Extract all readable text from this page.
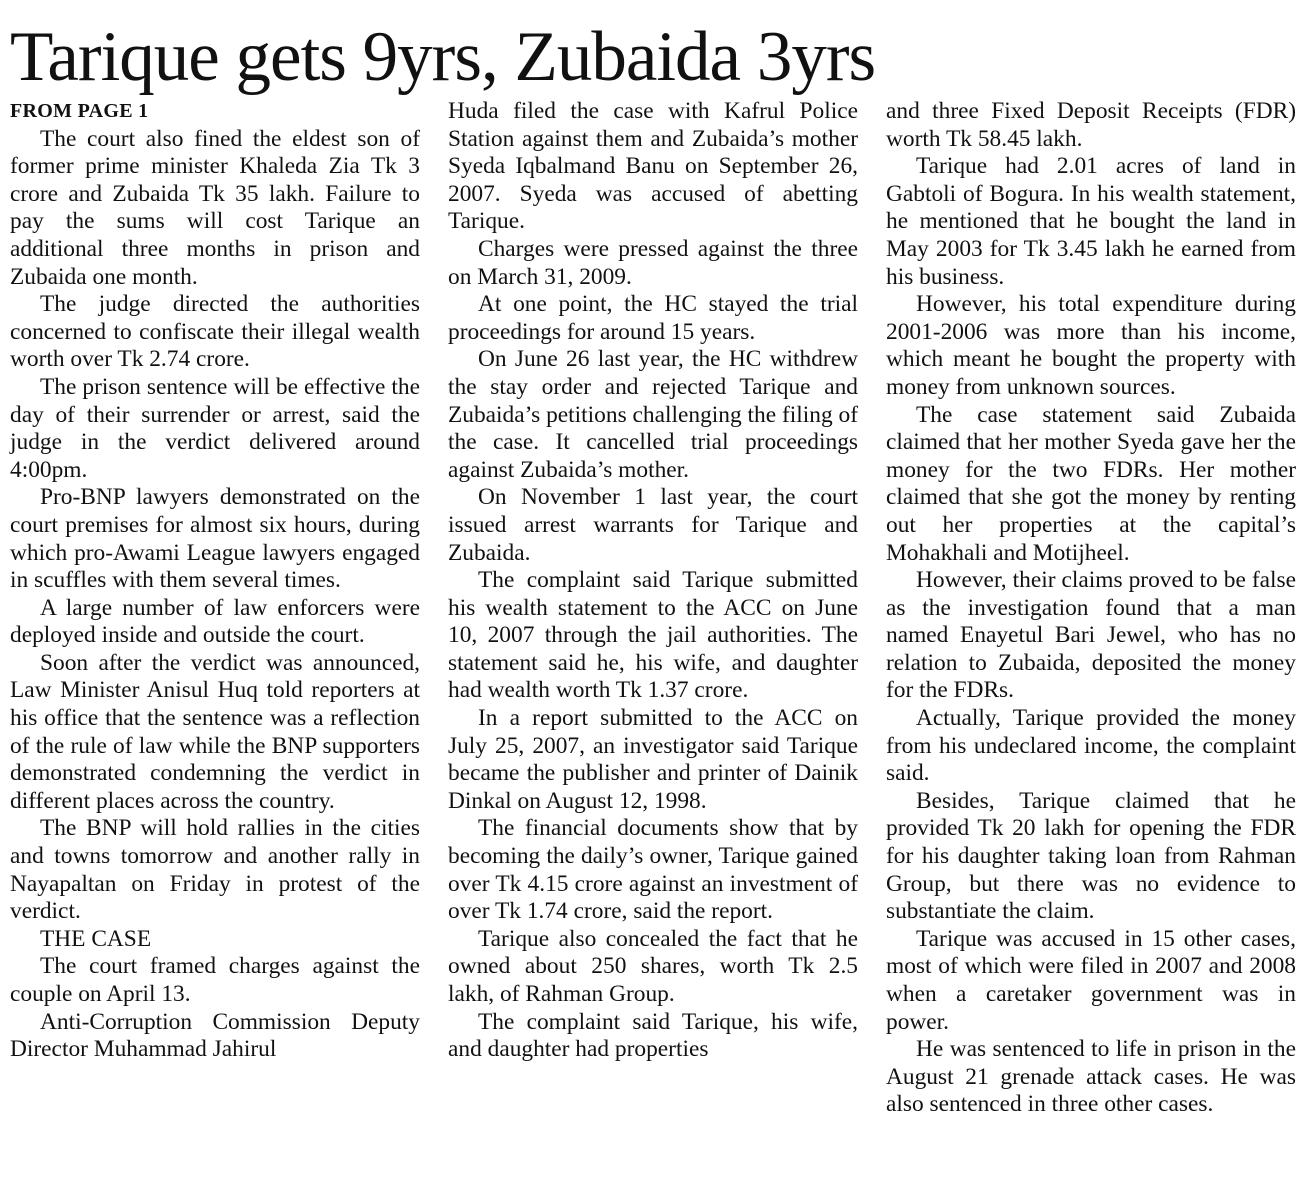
Tarique gets 9yrs, Zubaida 3yrs

FROM PAGE 1

The court also fined the eldest son of former prime minister Khaleda Zia Tk 3 crore and Zubaida Tk 35 lakh. Failure to pay the sums will cost Tarique an additional three months in prison and Zubaida one month.

The judge directed the authorities concerned to confiscate their illegal wealth worth over Tk 2.74 crore.

The prison sentence will be effective the day of their surrender or arrest, said the judge in the verdict delivered around 4:00pm.

Pro-BNP lawyers demonstrated on the court premises for almost six hours, during which pro-Awami League lawyers engaged in scuffles with them several times.

A large number of law enforcers were deployed inside and outside the court.

Soon after the verdict was announced, Law Minister Anisul Huq told reporters at his office that the sentence was a reflection of the rule of law while the BNP supporters demonstrated condemning the verdict in different places across the country.

The BNP will hold rallies in the cities and towns tomorrow and another rally in Nayapaltan on Friday in protest of the verdict.

THE CASE

The court framed charges against the couple on April 13.

Anti-Corruption Commission Deputy Director Muhammad Jahirul

Huda filed the case with Kafrul Police Station against them and Zubaida’s mother Syeda Iqbalmand Banu on September 26, 2007. Syeda was accused of abetting Tarique.

Charges were pressed against the three on March 31, 2009.

At one point, the HC stayed the trial proceedings for around 15 years.

On June 26 last year, the HC withdrew the stay order and rejected Tarique and Zubaida’s petitions challenging the filing of the case. It cancelled trial proceedings against Zubaida’s mother.

On November 1 last year, the court issued arrest warrants for Tarique and Zubaida.

The complaint said Tarique submitted his wealth statement to the ACC on June 10, 2007 through the jail authorities. The statement said he, his wife, and daughter had wealth worth Tk 1.37 crore.

In a report submitted to the ACC on July 25, 2007, an investigator said Tarique became the publisher and printer of Dainik Dinkal on August 12, 1998.

The financial documents show that by becoming the daily’s owner, Tarique gained over Tk 4.15 crore against an investment of over Tk 1.74 crore, said the report.

Tarique also concealed the fact that he owned about 250 shares, worth Tk 2.5 lakh, of Rahman Group.

The complaint said Tarique, his wife, and daughter had properties

and three Fixed Deposit Receipts (FDR) worth Tk 58.45 lakh.

Tarique had 2.01 acres of land in Gabtoli of Bogura. In his wealth statement, he mentioned that he bought the land in May 2003 for Tk 3.45 lakh he earned from his business.

However, his total expenditure during 2001-2006 was more than his income, which meant he bought the property with money from unknown sources.

The case statement said Zubaida claimed that her mother Syeda gave her the money for the two FDRs. Her mother claimed that she got the money by renting out her properties at the capital’s Mohakhali and Motijheel.

However, their claims proved to be false as the investigation found that a man named Enayetul Bari Jewel, who has no relation to Zubaida, deposited the money for the FDRs.

Actually, Tarique provided the money from his undeclared income, the complaint said.

Besides, Tarique claimed that he provided Tk 20 lakh for opening the FDR for his daughter taking loan from Rahman Group, but there was no evidence to substantiate the claim.

Tarique was accused in 15 other cases, most of which were filed in 2007 and 2008 when a caretaker government was in power.

He was sentenced to life in prison in the August 21 grenade attack cases. He was also sentenced in three other cases.
